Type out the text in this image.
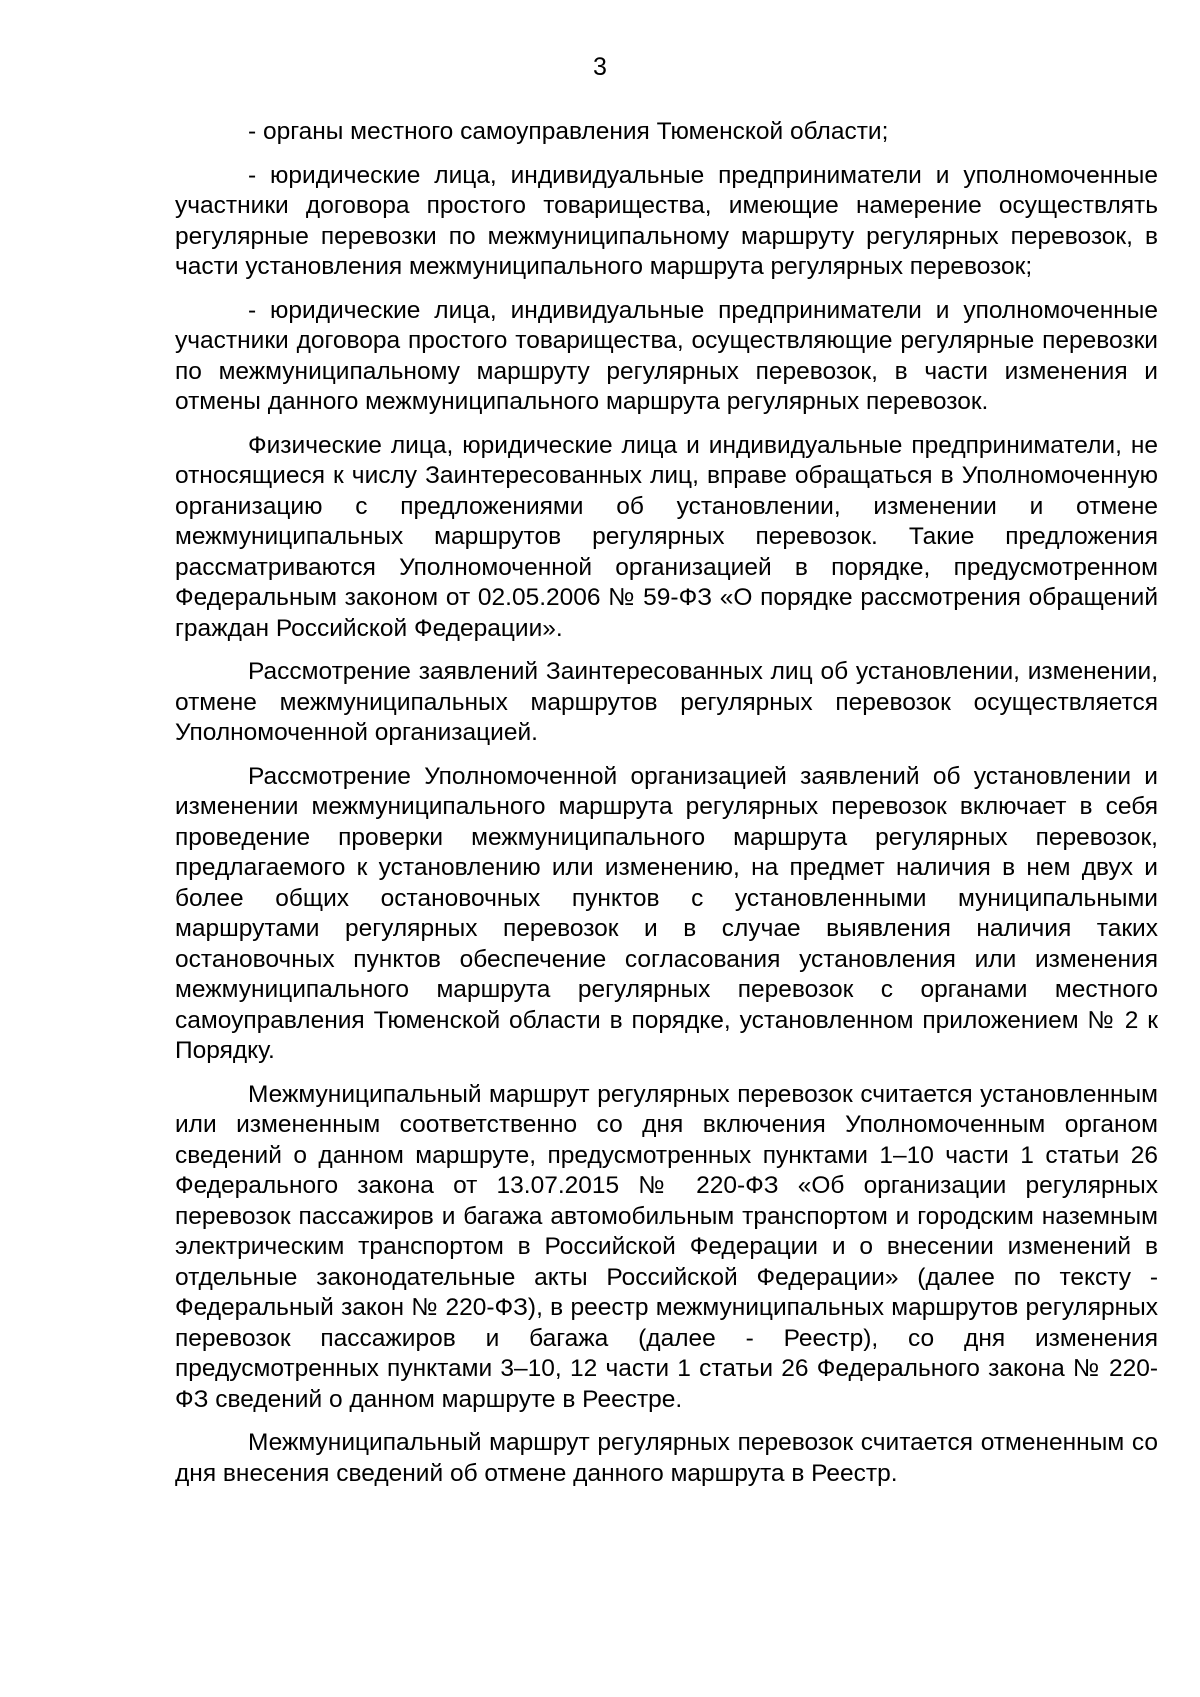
3

- органы местного самоуправления Тюменской области;

- юридические лица, индивидуальные предприниматели и уполномоченные участники договора простого товарищества, имеющие намерение осуществлять регулярные перевозки по межмуниципальному маршруту регулярных перевозок, в части установления межмуниципального маршрута регулярных перевозок;

- юридические лица, индивидуальные предприниматели и уполномоченные участники договора простого товарищества, осуществляющие регулярные перевозки по межмуниципальному маршруту регулярных перевозок, в части изменения и отмены данного межмуниципального маршрута регулярных перевозок.

Физические лица, юридические лица и индивидуальные предприниматели, не относящиеся к числу Заинтересованных лиц, вправе обращаться в Уполномоченную организацию с предложениями об установлении, изменении и отмене межмуниципальных маршрутов регулярных перевозок. Такие предложения рассматриваются Уполномоченной организацией в порядке, предусмотренном Федеральным законом от 02.05.2006 № 59-ФЗ «О порядке рассмотрения обращений граждан Российской Федерации».

Рассмотрение заявлений Заинтересованных лиц об установлении, изменении, отмене межмуниципальных маршрутов регулярных перевозок осуществляется Уполномоченной организацией.

Рассмотрение Уполномоченной организацией заявлений об установлении и изменении межмуниципального маршрута регулярных перевозок включает в себя проведение проверки межмуниципального маршрута регулярных перевозок, предлагаемого к установлению или изменению, на предмет наличия в нем двух и более общих остановочных пунктов с установленными муниципальными маршрутами регулярных перевозок и в случае выявления наличия таких остановочных пунктов обеспечение согласования установления или изменения межмуниципального маршрута регулярных перевозок с органами местного самоуправления Тюменской области в порядке, установленном приложением № 2 к Порядку.

Межмуниципальный маршрут регулярных перевозок считается установленным или измененным соответственно со дня включения Уполномоченным органом сведений о данном маршруте, предусмотренных пунктами 1–10 части 1 статьи 26 Федерального закона от 13.07.2015 № 220-ФЗ «Об организации регулярных перевозок пассажиров и багажа автомобильным транспортом и городским наземным электрическим транспортом в Российской Федерации и о внесении изменений в отдельные законодательные акты Российской Федерации» (далее по тексту - Федеральный закон № 220-ФЗ), в реестр межмуниципальных маршрутов регулярных перевозок пассажиров и багажа (далее - Реестр), со дня изменения предусмотренных пунктами 3–10, 12 части 1 статьи 26 Федерального закона № 220-ФЗ сведений о данном маршруте в Реестре.

Межмуниципальный маршрут регулярных перевозок считается отмененным со дня внесения сведений об отмене данного маршрута в Реестр.
